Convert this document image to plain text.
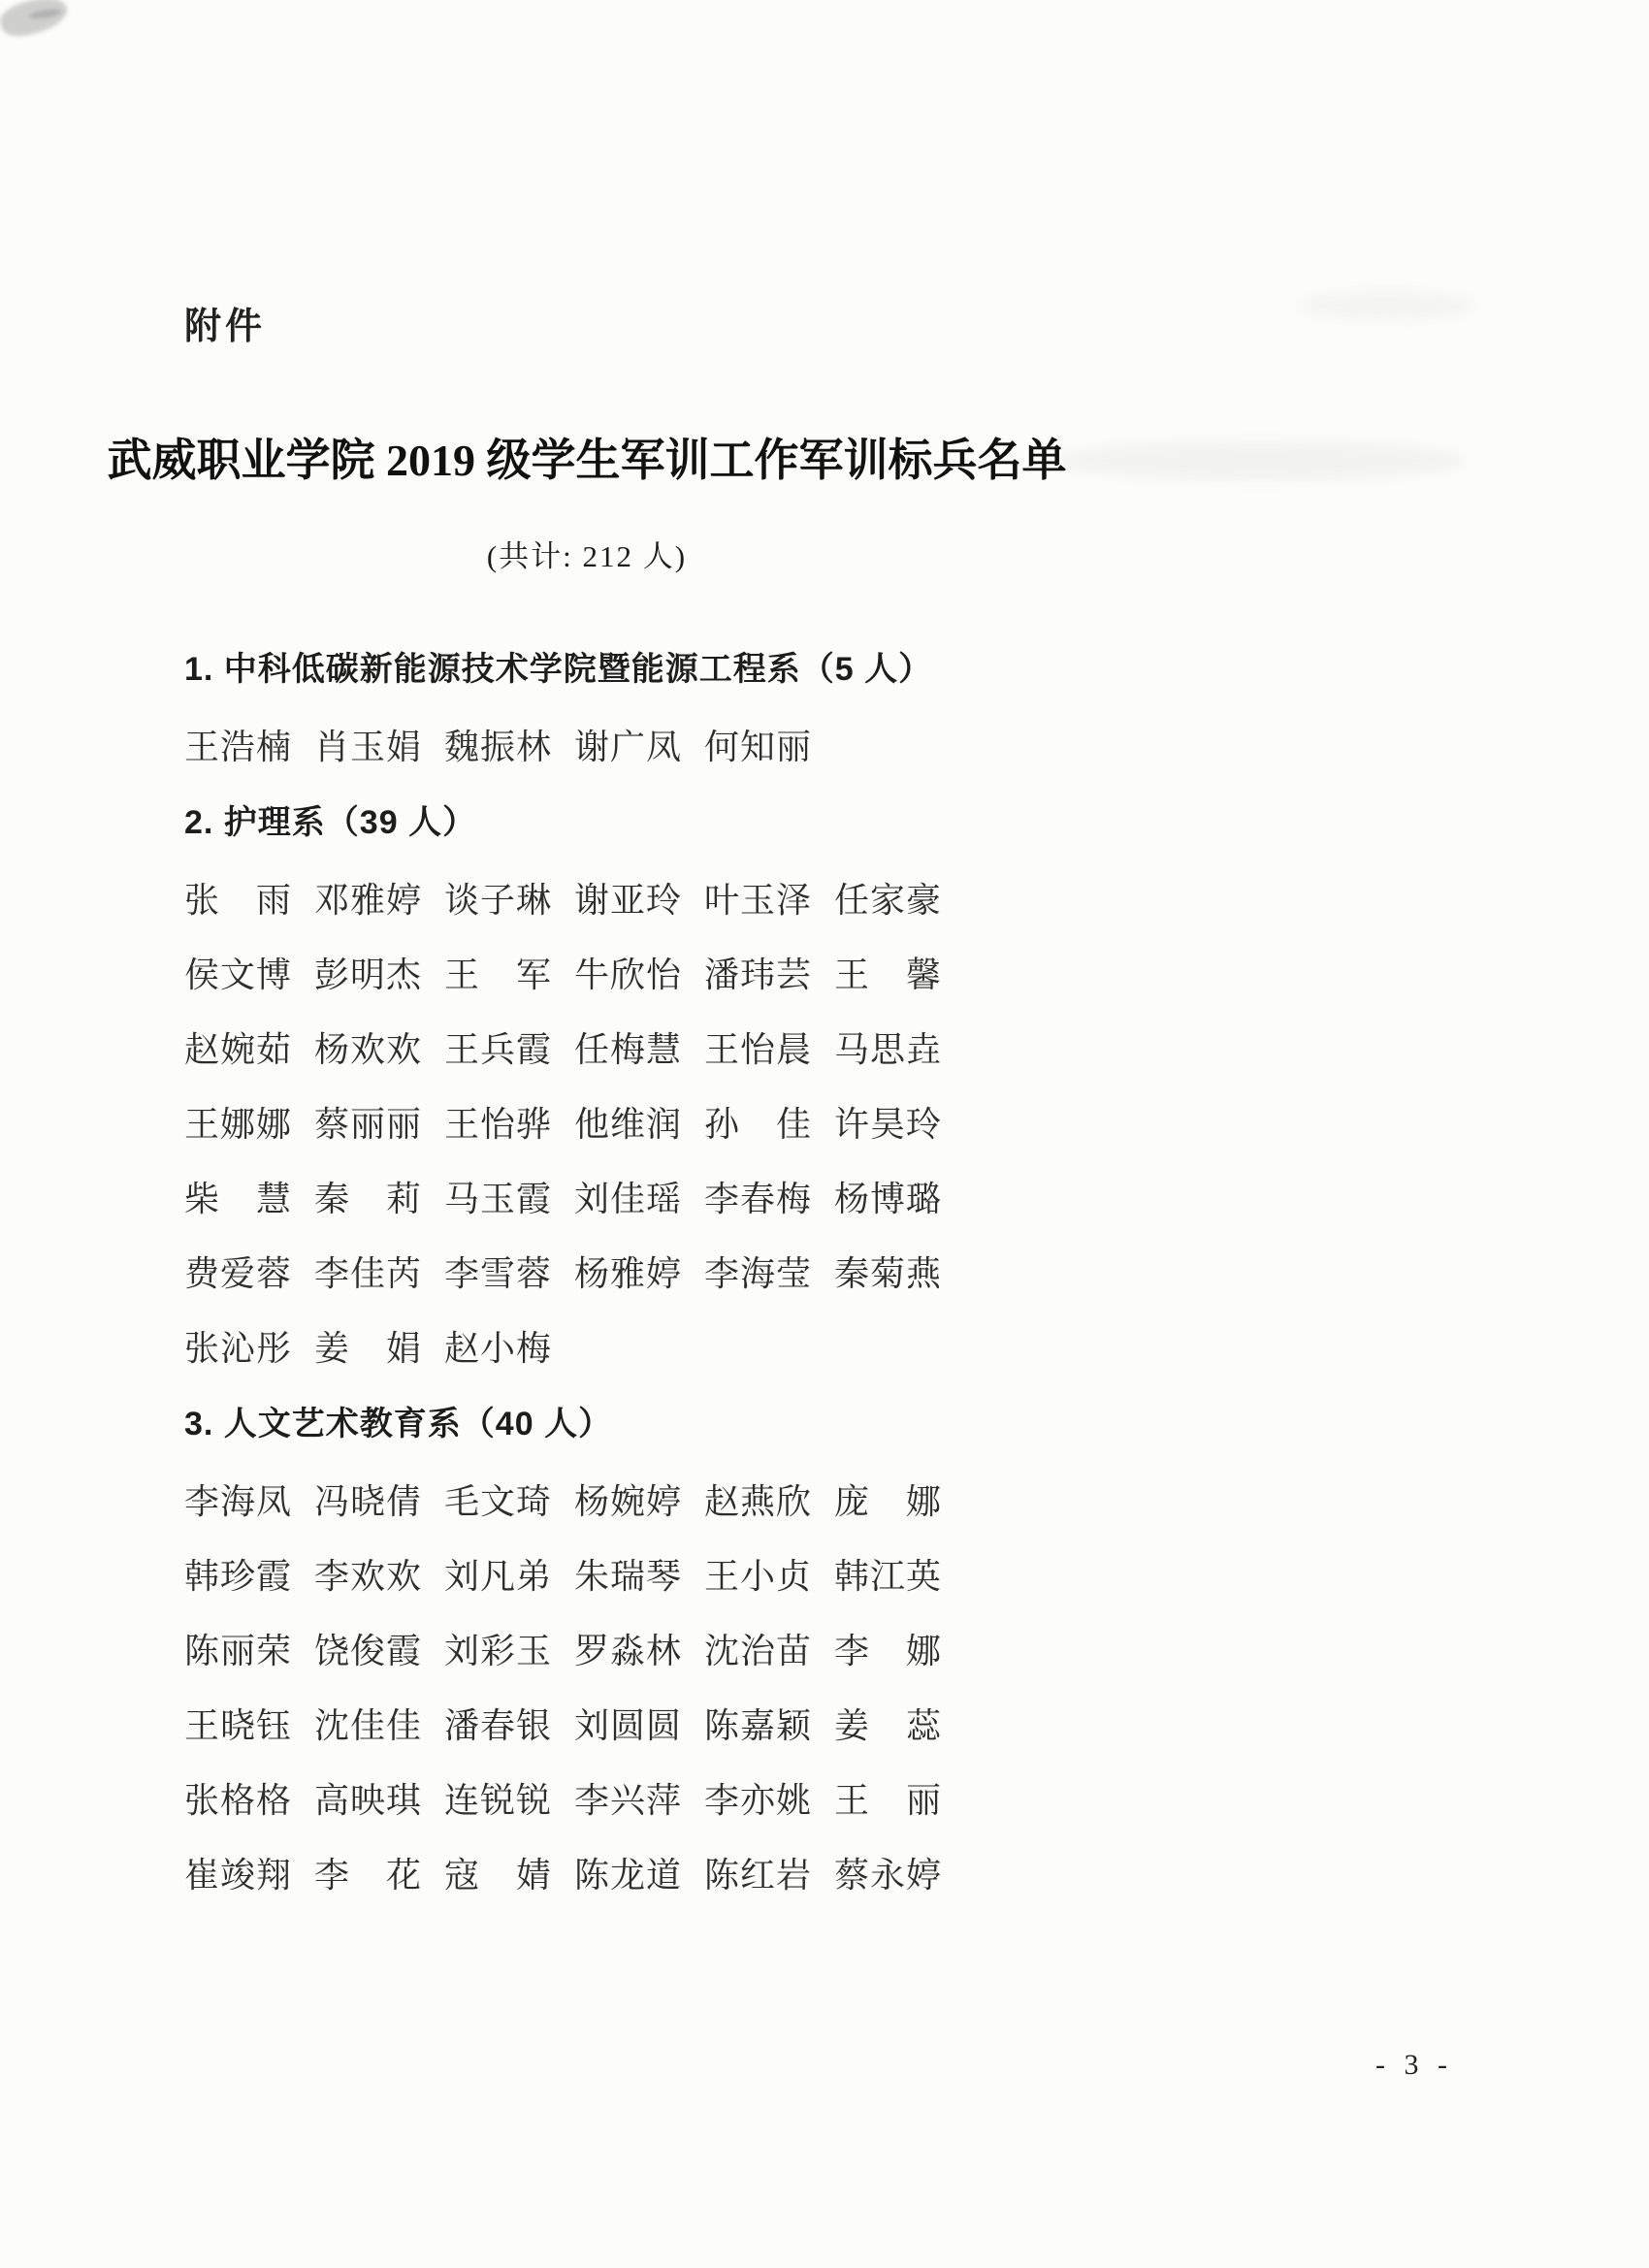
附件
武威职业学院 2019 级学生军训工作军训标兵名单
(共计: 212 人)
1. 中科低碳新能源技术学院暨能源工程系（5 人）
王浩楠 肖玉娟 魏振林 谢广凤 何知丽
2. 护理系（39 人）
张　雨 邓雅婷 谈子琳 谢亚玲 叶玉泽 任家豪
侯文博 彭明杰 王　军 牛欣怡 潘玮芸 王　馨
赵婉茹 杨欢欢 王兵霞 任梅慧 王怡晨 马思垚
王娜娜 蔡丽丽 王怡骅 他维润 孙　佳 许昊玲
柴　慧 秦　莉 马玉霞 刘佳瑶 李春梅 杨博璐
费爱蓉 李佳芮 李雪蓉 杨雅婷 李海莹 秦菊燕
张沁彤 姜　娟 赵小梅
3. 人文艺术教育系（40 人）
李海凤 冯晓倩 毛文琦 杨婉婷 赵燕欣 庞　娜
韩珍霞 李欢欢 刘凡弟 朱瑞琴 王小贞 韩江英
陈丽荣 饶俊霞 刘彩玉 罗淼林 沈治苗 李　娜
王晓钰 沈佳佳 潘春银 刘圆圆 陈嘉颖 姜　蕊
张格格 高映琪 连锐锐 李兴萍 李亦姚 王　丽
崔竣翔 李　花 寇　婧 陈龙道 陈红岩 蔡永婷
- 3 -
